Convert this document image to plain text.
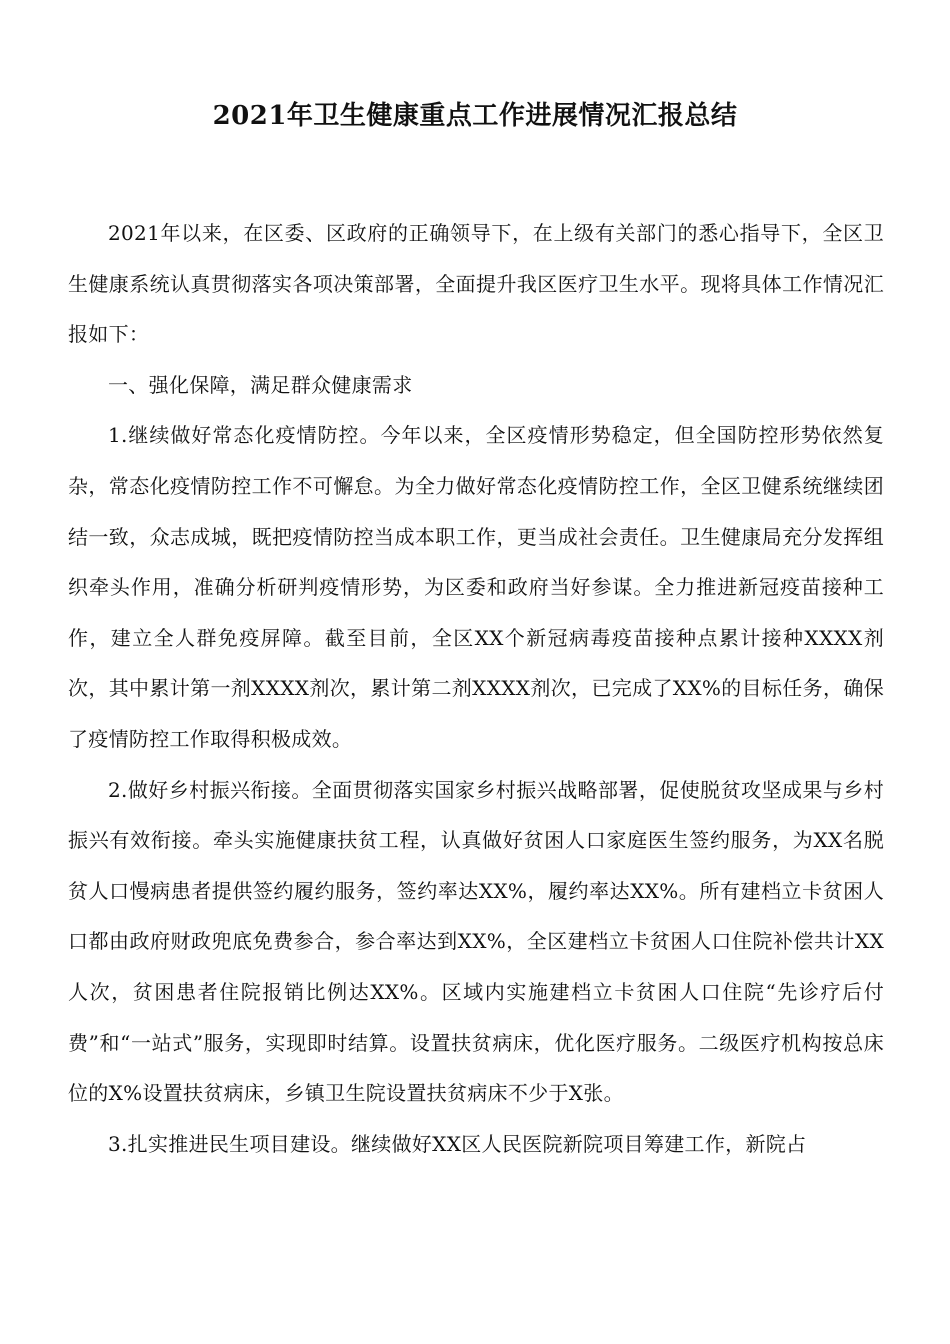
2021年卫生健康重点工作进展情况汇报总结

2021年以来，在区委、区政府的正确领导下，在上级有关部门的悉心指导下，全区卫生健康系统认真贯彻落实各项决策部署，全面提升我区医疗卫生水平。现将具体工作情况汇报如下：

一、强化保障，满足群众健康需求

1.继续做好常态化疫情防控。今年以来，全区疫情形势稳定，但全国防控形势依然复杂，常态化疫情防控工作不可懈怠。为全力做好常态化疫情防控工作，全区卫健系统继续团结一致，众志成城，既把疫情防控当成本职工作，更当成社会责任。卫生健康局充分发挥组织牵头作用，准确分析研判疫情形势，为区委和政府当好参谋。全力推进新冠疫苗接种工作，建立全人群免疫屏障。截至目前，全区XX个新冠病毒疫苗接种点累计接种XXXX剂次，其中累计第一剂XXXX剂次，累计第二剂XXXX剂次，已完成了XX%的目标任务，确保了疫情防控工作取得积极成效。

2.做好乡村振兴衔接。全面贯彻落实国家乡村振兴战略部署，促使脱贫攻坚成果与乡村振兴有效衔接。牵头实施健康扶贫工程，认真做好贫困人口家庭医生签约服务，为XX名脱贫人口慢病患者提供签约履约服务，签约率达XX%，履约率达XX%。所有建档立卡贫困人口都由政府财政兜底免费参合，参合率达到XX%，全区建档立卡贫困人口住院补偿共计XX人次，贫困患者住院报销比例达XX%。区域内实施建档立卡贫困人口住院“先诊疗后付费”和“一站式”服务，实现即时结算。设置扶贫病床，优化医疗服务。二级医疗机构按总床位的X%设置扶贫病床，乡镇卫生院设置扶贫病床不少于X张。

3.扎实推进民生项目建设。继续做好XX区人民医院新院项目筹建工作，新院占
